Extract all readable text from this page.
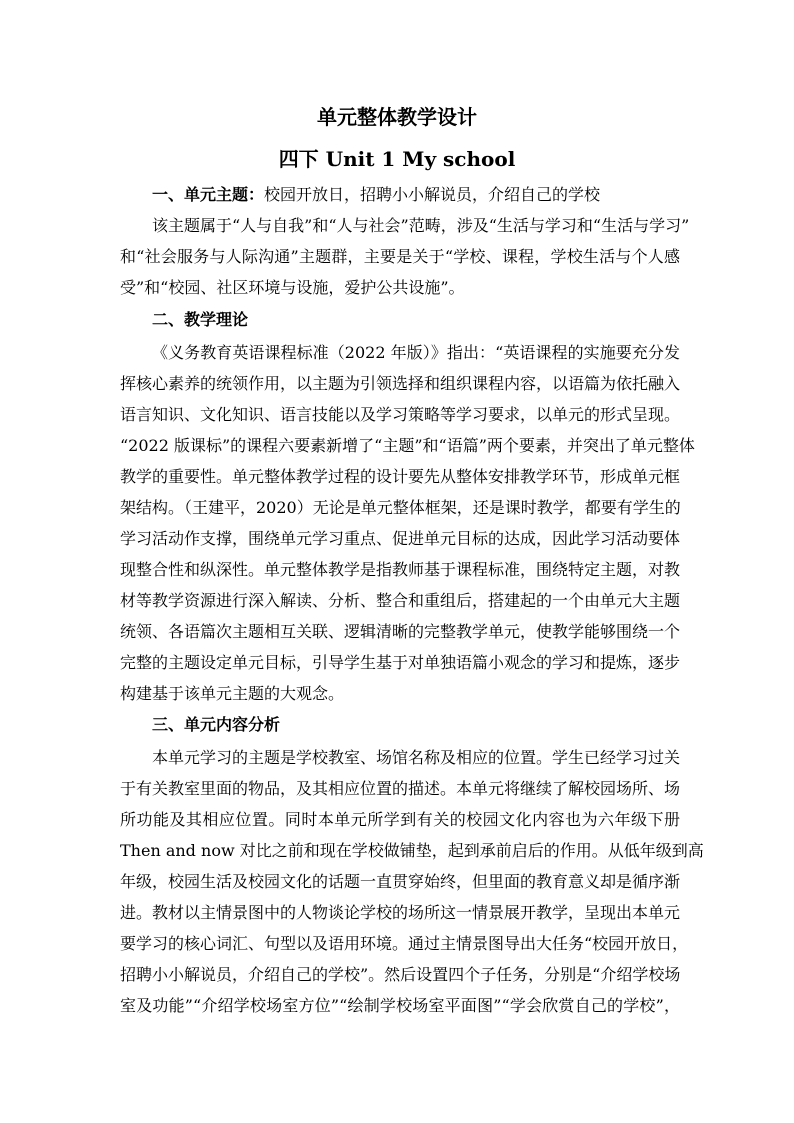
单元整体教学设计
四下 Unit 1 My school
一、单元主题：校园开放日，招聘小小解说员，介绍自己的学校
该主题属于“人与自我”和“人与社会”范畴，涉及“生活与学习和“生活与学习”
和“社会服务与人际沟通”主题群，主要是关于“学校、课程，学校生活与个人感
受”和“校园、社区环境与设施，爱护公共设施”。
二、教学理论
《义务教育英语课程标准（2022 年版）》指出：“英语课程的实施要充分发
挥核心素养的统领作用，以主题为引领选择和组织课程内容，以语篇为依托融入
语言知识、文化知识、语言技能以及学习策略等学习要求，以单元的形式呈现。
“2022 版课标”的课程六要素新增了“主题”和“语篇”两个要素，并突出了单元整体
教学的重要性。单元整体教学过程的设计要先从整体安排教学环节，形成单元框
架结构。（王建平，2020）无论是单元整体框架，还是课时教学，都要有学生的
学习活动作支撑，围绕单元学习重点、促进单元目标的达成，因此学习活动要体
现整合性和纵深性。单元整体教学是指教师基于课程标准，围绕特定主题，对教
材等教学资源进行深入解读、分析、整合和重组后，搭建起的一个由单元大主题
统领、各语篇次主题相互关联、逻辑清晰的完整教学单元，使教学能够围绕一个
完整的主题设定单元目标，引导学生基于对单独语篇小观念的学习和提炼，逐步
构建基于该单元主题的大观念。
三、单元内容分析
本单元学习的主题是学校教室、场馆名称及相应的位置。学生已经学习过关
于有关教室里面的物品，及其相应位置的描述。本单元将继续了解校园场所、场
所功能及其相应位置。同时本单元所学到有关的校园文化内容也为六年级下册
Then and now 对比之前和现在学校做铺垫，起到承前启后的作用。从低年级到高
年级，校园生活及校园文化的话题一直贯穿始终，但里面的教育意义却是循序渐
进。教材以主情景图中的人物谈论学校的场所这一情景展开教学，呈现出本单元
要学习的核心词汇、句型以及语用环境。通过主情景图导出大任务“校园开放日，
招聘小小解说员，介绍自己的学校”。然后设置四个子任务，分别是“介绍学校场
室及功能”“介绍学校场室方位”“绘制学校场室平面图”“学会欣赏自己的学校”，
